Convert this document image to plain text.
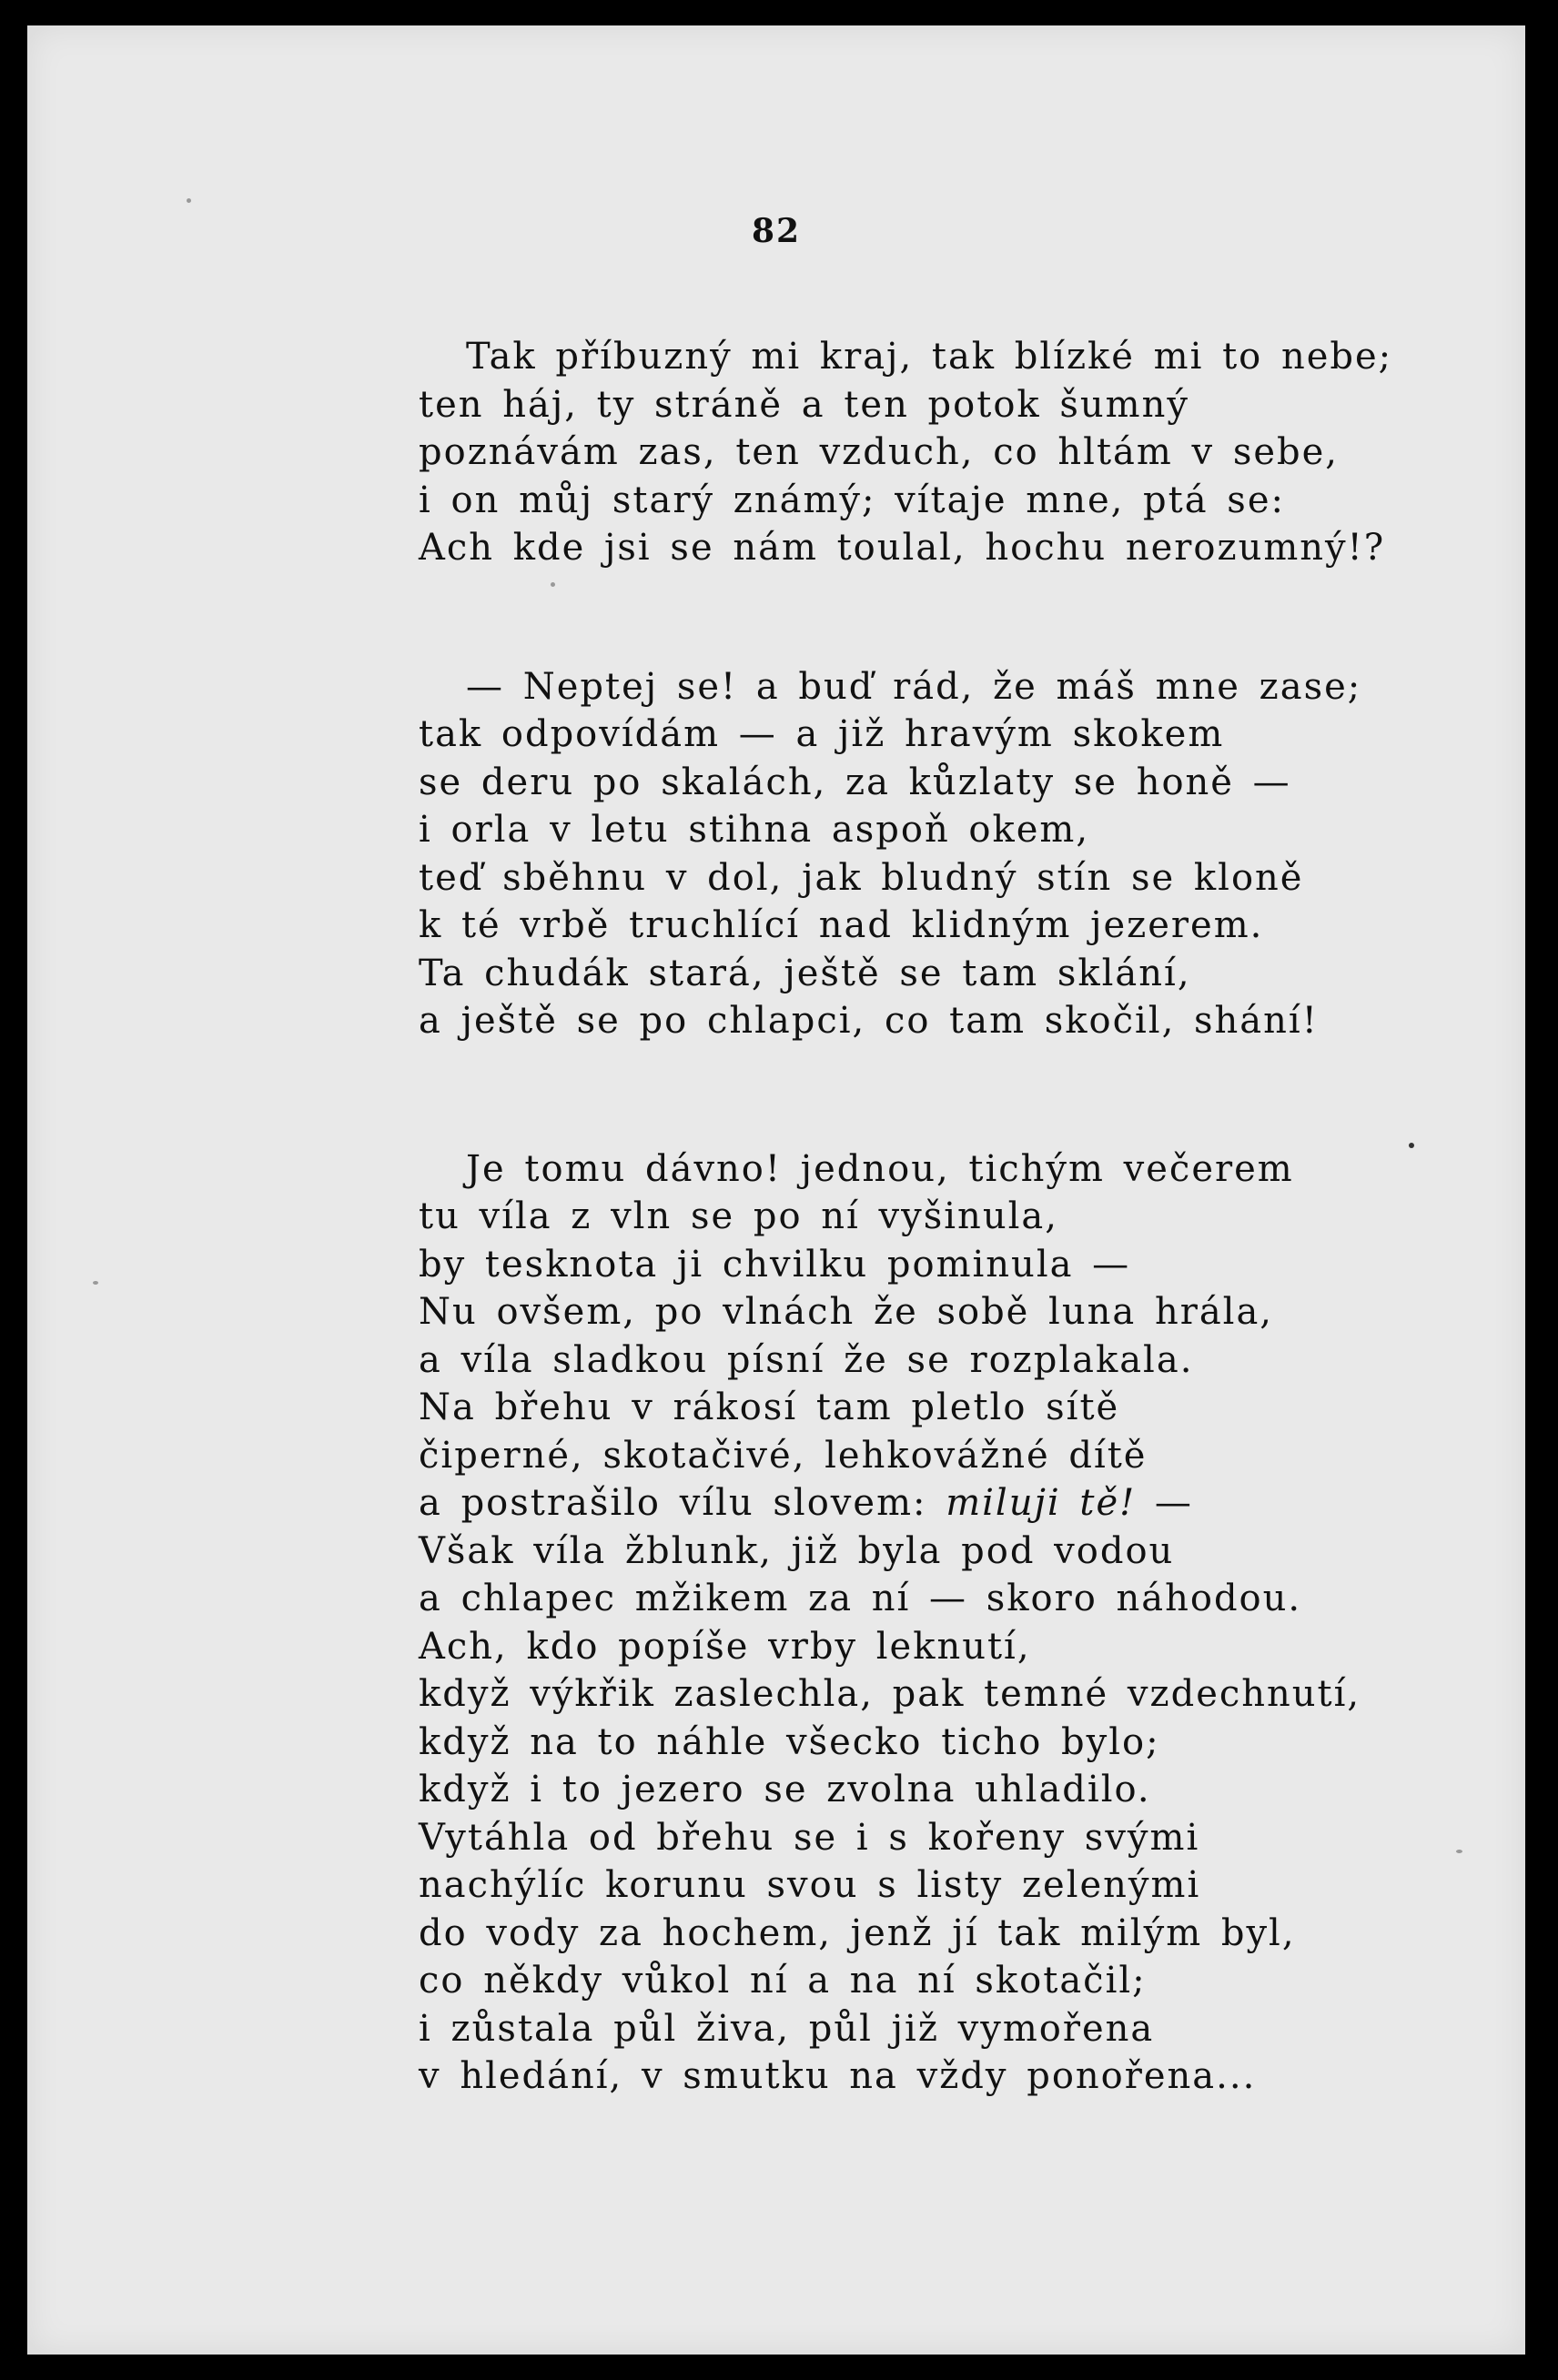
82
Tak příbuzný mi kraj, tak blízké mi to nebe;
ten háj, ty stráně a ten potok šumný
poznávám zas, ten vzduch, co hltám v sebe,
i on můj starý známý; vítaje mne, ptá se:
Ach kde jsi se nám toulal, hochu nerozumný!?
— Neptej se! a buď rád, že máš mne zase;
tak odpovídám — a již hravým skokem
se deru po skalách, za kůzlaty se honě —
i orla v letu stihna aspoň okem,
teď sběhnu v dol, jak bludný stín se kloně
k té vrbě truchlící nad klidným jezerem.
Ta chudák stará, ještě se tam sklání,
a ještě se po chlapci, co tam skočil, shání!
Je tomu dávno! jednou, tichým večerem
tu víla z vln se po ní vyšinula,
by tesknota ji chvilku pominula —
Nu ovšem, po vlnách že sobě luna hrála,
a víla sladkou písní že se rozplakala.
Na břehu v rákosí tam pletlo sítě
čiperné, skotačivé, lehkovážné dítě
a postrašilo vílu slovem: miluji tě! —
Však víla žblunk, již byla pod vodou
a chlapec mžikem za ní — skoro náhodou.
Ach, kdo popíše vrby leknutí,
když výkřik zaslechla, pak temné vzdechnutí,
když na to náhle všecko ticho bylo;
když i to jezero se zvolna uhladilo.
Vytáhla od břehu se i s kořeny svými
nachýlíc korunu svou s listy zelenými
do vody za hochem, jenž jí tak milým byl,
co někdy vůkol ní a na ní skotačil;
i zůstala půl živa, půl již vymořena
v hledání, v smutku na vždy ponořena...
